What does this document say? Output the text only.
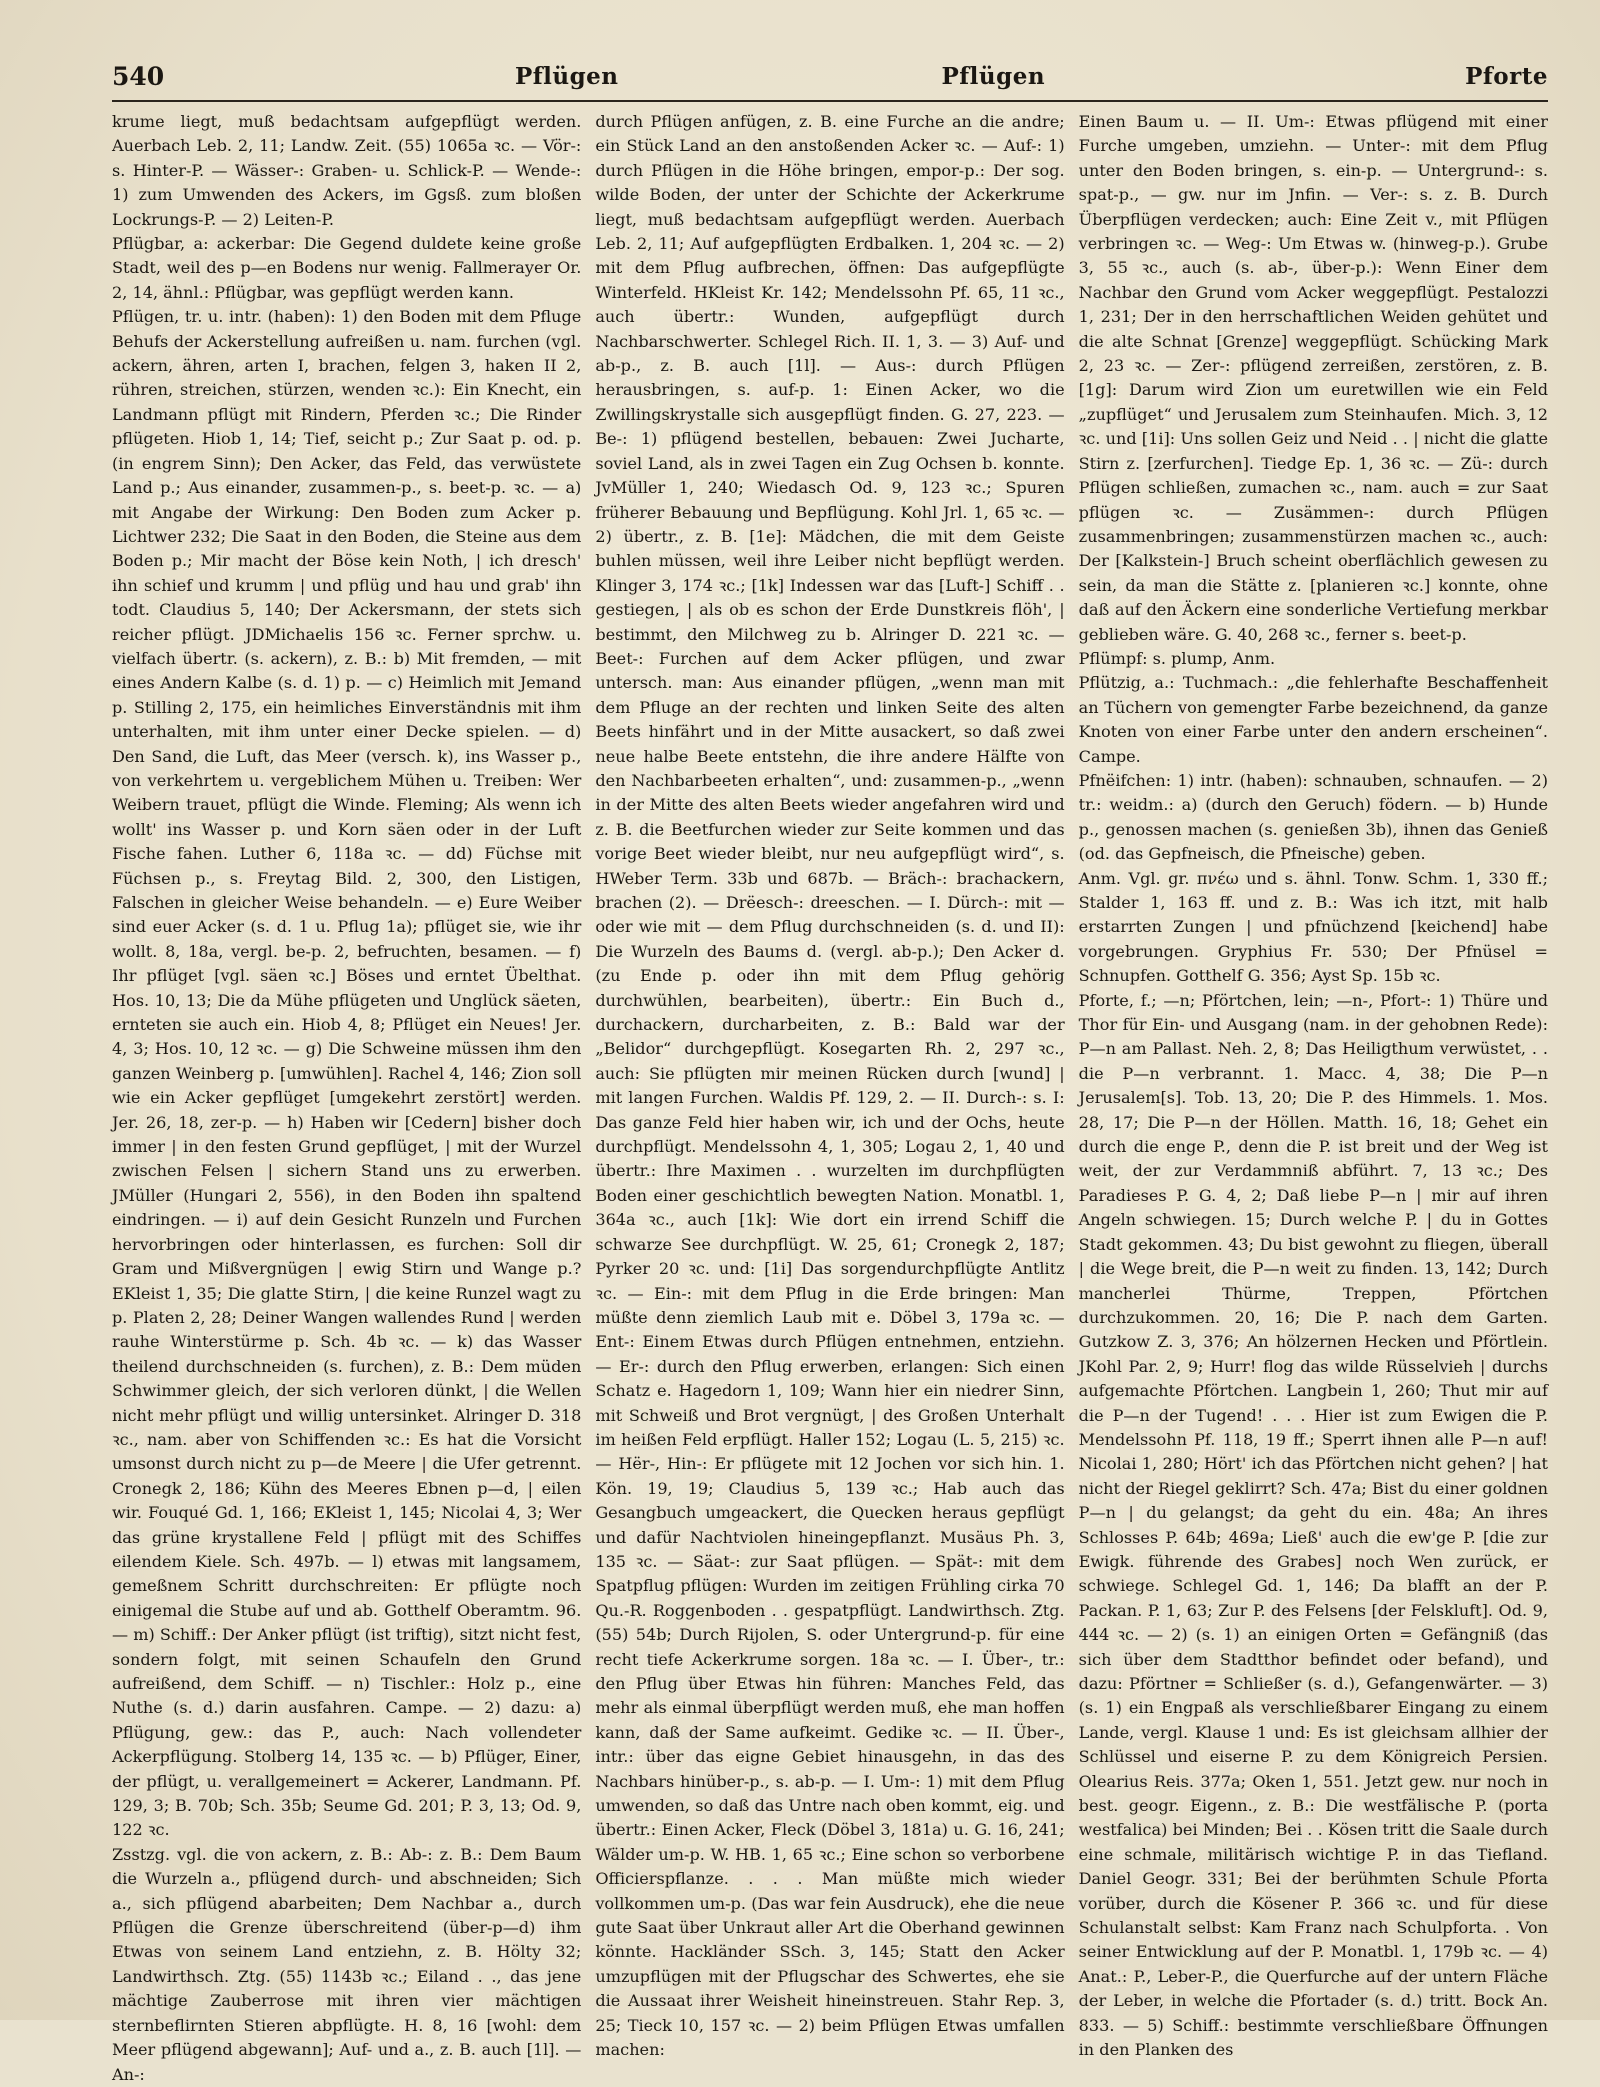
540	Pflügen	Pflügen	Pforte

krume liegt, muß bedachtsam aufgepflügt werden. Auerbach Leb. 2, 11; Landw. Zeit. (55) 1065a ꝛc. — Vör-: s. Hinter-P. — Wässer-: Graben- u. Schlick-P. — Wende-: 1) zum Umwenden des Ackers, im Ggsß. zum bloßen Lockrungs-P. — 2) Leiten-P.

Pflügbar, a: ackerbar: Die Gegend duldete keine große Stadt, weil des p—en Bodens nur wenig. Fallmerayer Or. 2, 14, ähnl.: Pflügbar, was gepflügt werden kann.

Pflügen, tr. u. intr. (haben): 1) den Boden mit dem Pfluge Behufs der Ackerstellung aufreißen u. nam. furchen (vgl. ackern, ähren, arten I, brachen, felgen 3, haken II 2, rühren, streichen, stürzen, wenden ꝛc.): Ein Knecht, ein Landmann pflügt mit Rindern, Pferden ꝛc.; Die Rinder pflügeten. Hiob 1, 14; Tief, seicht p.; Zur Saat p. od. p. (in engrem Sinn); Den Acker, das Feld, das verwüstete Land p.; Aus einander, zusammen-p., s. beet-p. ꝛc. — a) mit Angabe der Wirkung: Den Boden zum Acker p. Lichtwer 232; Die Saat in den Boden, die Steine aus dem Boden p.; Mir macht der Böse kein Noth, | ich dresch' ihn schief und krumm | und pflüg und hau und grab' ihn todt. Claudius 5, 140; Der Ackersmann, der stets sich reicher pflügt. JDMichaelis 156 ꝛc. Ferner sprchw. u. vielfach übertr. (s. ackern), z. B.: b) Mit fremden, — mit eines Andern Kalbe (s. d. 1) p. — c) Heimlich mit Jemand p. Stilling 2, 175, ein heimliches Einverständnis mit ihm unterhalten, mit ihm unter einer Decke spielen. — d) Den Sand, die Luft, das Meer (versch. k), ins Wasser p., von verkehrtem u. vergeblichem Mühen u. Treiben: Wer Weibern trauet, pflügt die Winde. Fleming; Als wenn ich wollt' ins Wasser p. und Korn säen oder in der Luft Fische fahen. Luther 6, 118a ꝛc. — dd) Füchse mit Füchsen p., s. Freytag Bild. 2, 300, den Listigen, Falschen in gleicher Weise behandeln. — e) Eure Weiber sind euer Acker (s. d. 1 u. Pflug 1a); pflüget sie, wie ihr wollt. 8, 18a, vergl. be-p. 2, befruchten, besamen. — f) Ihr pflüget [vgl. säen ꝛc.] Böses und erntet Übelthat. Hos. 10, 13; Die da Mühe pflügeten und Unglück säeten, ernteten sie auch ein. Hiob 4, 8; Pflüget ein Neues! Jer. 4, 3; Hos. 10, 12 ꝛc. — g) Die Schweine müssen ihm den ganzen Weinberg p. [umwühlen]. Rachel 4, 146; Zion soll wie ein Acker gepflüget [umgekehrt zerstört] werden. Jer. 26, 18, zer-p. — h) Haben wir [Cedern] bisher doch immer | in den festen Grund gepflüget, | mit der Wurzel zwischen Felsen | sichern Stand uns zu erwerben. JMüller (Hungari 2, 556), in den Boden ihn spaltend eindringen. — i) auf dein Gesicht Runzeln und Furchen hervorbringen oder hinterlassen, es furchen: Soll dir Gram und Mißvergnügen | ewig Stirn und Wange p.? EKleist 1, 35; Die glatte Stirn, | die keine Runzel wagt zu p. Platen 2, 28; Deiner Wangen wallendes Rund | werden rauhe Winterstürme p. Sch. 4b ꝛc. — k) das Wasser theilend durchschneiden (s. furchen), z. B.: Dem müden Schwimmer gleich, der sich verloren dünkt, | die Wellen nicht mehr pflügt und willig untersinket. Alringer D. 318 ꝛc., nam. aber von Schiffenden ꝛc.: Es hat die Vorsicht umsonst durch nicht zu p—de Meere | die Ufer getrennt. Cronegk 2, 186; Kühn des Meeres Ebnen p—d, | eilen wir. Fouqué Gd. 1, 166; EKleist 1, 145; Nicolai 4, 3; Wer das grüne krystallene Feld | pflügt mit des Schiffes eilendem Kiele. Sch. 497b. — l) etwas mit langsamem, gemeßnem Schritt durchschreiten: Er pflügte noch einigemal die Stube auf und ab. Gotthelf Oberamtm. 96. — m) Schiff.: Der Anker pflügt (ist triftig), sitzt nicht fest, sondern folgt, mit seinen Schaufeln den Grund aufreißend, dem Schiff. — n) Tischler.: Holz p., eine Nuthe (s. d.) darin ausfahren. Campe. — 2) dazu: a) Pflügung, gew.: das P., auch: Nach vollendeter Ackerpflügung. Stolberg 14, 135 ꝛc. — b) Pflüger, Einer, der pflügt, u. verallgemeinert = Ackerer, Landmann. Pf. 129, 3; B. 70b; Sch. 35b; Seume Gd. 201; P. 3, 13; Od. 9, 122 ꝛc.

Zsstzg. vgl. die von ackern, z. B.: Ab-: z. B.: Dem Baum die Wurzeln a., pflügend durch- und abschneiden; Sich a., sich pflügend abarbeiten; Dem Nachbar a., durch Pflügen die Grenze überschreitend (über-p—d) ihm Etwas von seinem Land entziehn, z. B. Hölty 32; Landwirthsch. Ztg. (55) 1143b ꝛc.; Eiland . ., das jene mächtige Zauberrose mit ihren vier mächtigen sternbeflirnten Stieren abpflügte. H. 8, 16 [wohl: dem Meer pflügend abgewann]; Auf- und a., z. B. auch [1l]. — An-:

durch Pflügen anfügen, z. B. eine Furche an die andre; ein Stück Land an den anstoßenden Acker ꝛc. — Auf-: 1) durch Pflügen in die Höhe bringen, empor-p.: Der sog. wilde Boden, der unter der Schichte der Ackerkrume liegt, muß bedachtsam aufgepflügt werden. Auerbach Leb. 2, 11; Auf aufgepflügten Erdbalken. 1, 204 ꝛc. — 2) mit dem Pflug aufbrechen, öffnen: Das aufgepflügte Winterfeld. HKleist Kr. 142; Mendelssohn Pf. 65, 11 ꝛc., auch übertr.: Wunden, aufgepflügt durch Nachbarschwerter. Schlegel Rich. II. 1, 3. — 3) Auf- und ab-p., z. B. auch [1l]. — Aus-: durch Pflügen herausbringen, s. auf-p. 1: Einen Acker, wo die Zwillingskrystalle sich ausgepflügt finden. G. 27, 223. — Be-: 1) pflügend bestellen, bebauen: Zwei Jucharte, soviel Land, als in zwei Tagen ein Zug Ochsen b. konnte. JvMüller 1, 240; Wiedasch Od. 9, 123 ꝛc.; Spuren früherer Bebauung und Bepflügung. Kohl Jrl. 1, 65 ꝛc. — 2) übertr., z. B. [1e]: Mädchen, die mit dem Geiste buhlen müssen, weil ihre Leiber nicht bepflügt werden. Klinger 3, 174 ꝛc.; [1k] Indessen war das [Luft-] Schiff . . gestiegen, | als ob es schon der Erde Dunstkreis flöh', | bestimmt, den Milchweg zu b. Alringer D. 221 ꝛc. — Beet-: Furchen auf dem Acker pflügen, und zwar untersch. man: Aus einander pflügen, „wenn man mit dem Pfluge an der rechten und linken Seite des alten Beets hinfährt und in der Mitte ausackert, so daß zwei neue halbe Beete entstehn, die ihre andere Hälfte von den Nachbarbeeten erhalten“, und: zusammen-p., „wenn in der Mitte des alten Beets wieder angefahren wird und z. B. die Beetfurchen wieder zur Seite kommen und das vorige Beet wieder bleibt, nur neu aufgepflügt wird“, s. HWeber Term. 33b und 687b. — Bräch-: brachackern, brachen (2). — Drëesch-: dreeschen. — I. Dürch-: mit — oder wie mit — dem Pflug durchschneiden (s. d. und II): Die Wurzeln des Baums d. (vergl. ab-p.); Den Acker d. (zu Ende p. oder ihn mit dem Pflug gehörig durchwühlen, bearbeiten), übertr.: Ein Buch d., durchackern, durcharbeiten, z. B.: Bald war der „Belidor“ durchgepflügt. Kosegarten Rh. 2, 297 ꝛc., auch: Sie pflügten mir meinen Rücken durch [wund] | mit langen Furchen. Waldis Pf. 129, 2. — II. Durch-: s. I: Das ganze Feld hier haben wir, ich und der Ochs, heute durchpflügt. Mendelssohn 4, 1, 305; Logau 2, 1, 40 und übertr.: Ihre Maximen . . wurzelten im durchpflügten Boden einer geschichtlich bewegten Nation. Monatbl. 1, 364a ꝛc., auch [1k]: Wie dort ein irrend Schiff die schwarze See durchpflügt. W. 25, 61; Cronegk 2, 187; Pyrker 20 ꝛc. und: [1i] Das sorgendurchpflügte Antlitz ꝛc. — Ein-: mit dem Pflug in die Erde bringen: Man müßte denn ziemlich Laub mit e. Döbel 3, 179a ꝛc. — Ent-: Einem Etwas durch Pflügen entnehmen, entziehn. — Er-: durch den Pflug erwerben, erlangen: Sich einen Schatz e. Hagedorn 1, 109; Wann hier ein niedrer Sinn, mit Schweiß und Brot vergnügt, | des Großen Unterhalt im heißen Feld erpflügt. Haller 152; Logau (L. 5, 215) ꝛc. — Hër-, Hin-: Er pflügete mit 12 Jochen vor sich hin. 1. Kön. 19, 19; Claudius 5, 139 ꝛc.; Hab auch das Gesangbuch umgeackert, die Quecken heraus gepflügt und dafür Nachtviolen hineingepflanzt. Musäus Ph. 3, 135 ꝛc. — Säat-: zur Saat pflügen. — Spät-: mit dem Spatpflug pflügen: Wurden im zeitigen Frühling cirka 70 Qu.-R. Roggenboden . . gespatpflügt. Landwirthsch. Ztg. (55) 54b; Durch Rijolen, S. oder Untergrund-p. für eine recht tiefe Ackerkrume sorgen. 18a ꝛc. — I. Über-, tr.: den Pflug über Etwas hin führen: Manches Feld, das mehr als einmal überpflügt werden muß, ehe man hoffen kann, daß der Same aufkeimt. Gedike ꝛc. — II. Über-, intr.: über das eigne Gebiet hinausgehn, in das des Nachbars hinüber-p., s. ab-p. — I. Um-: 1) mit dem Pflug umwenden, so daß das Untre nach oben kommt, eig. und übertr.: Einen Acker, Fleck (Döbel 3, 181a) u. G. 16, 241; Wälder um-p. W. HB. 1, 65 ꝛc.; Eine schon so verborbene Officierspflanze. . . . Man müßte mich wieder vollkommen um-p. (Das war fein Ausdruck), ehe die neue gute Saat über Unkraut aller Art die Oberhand gewinnen könnte. Hackländer SSch. 3, 145; Statt den Acker umzupflügen mit der Pflugschar des Schwertes, ehe sie die Aussaat ihrer Weisheit hineinstreuen. Stahr Rep. 3, 25; Tieck 10, 157 ꝛc. — 2) beim Pflügen Etwas umfallen machen:

Einen Baum u. — II. Um-: Etwas pflügend mit einer Furche umgeben, umziehn. — Unter-: mit dem Pflug unter den Boden bringen, s. ein-p. — Untergrund-: s. spat-p., — gw. nur im Jnfin. — Ver-: s. z. B. Durch Überpflügen verdecken; auch: Eine Zeit v., mit Pflügen verbringen ꝛc. — Weg-: Um Etwas w. (hinweg-p.). Grube 3, 55 ꝛc., auch (s. ab-, über-p.): Wenn Einer dem Nachbar den Grund vom Acker weggepflügt. Pestalozzi 1, 231; Der in den herrschaftlichen Weiden gehütet und die alte Schnat [Grenze] weggepflügt. Schücking Mark 2, 23 ꝛc. — Zer-: pflügend zerreißen, zerstören, z. B. [1g]: Darum wird Zion um euretwillen wie ein Feld „zupflüget“ und Jerusalem zum Steinhaufen. Mich. 3, 12 ꝛc. und [1i]: Uns sollen Geiz und Neid . . | nicht die glatte Stirn z. [zerfurchen]. Tiedge Ep. 1, 36 ꝛc. — Zü-: durch Pflügen schließen, zumachen ꝛc., nam. auch = zur Saat pflügen ꝛc. — Zusämmen-: durch Pflügen zusammenbringen; zusammenstürzen machen ꝛc., auch: Der [Kalkstein-] Bruch scheint oberflächlich gewesen zu sein, da man die Stätte z. [planieren ꝛc.] konnte, ohne daß auf den Äckern eine sonderliche Vertiefung merkbar geblieben wäre. G. 40, 268 ꝛc., ferner s. beet-p.

Pflümpf: s. plump, Anm.

Pflützig, a.: Tuchmach.: „die fehlerhafte Beschaffenheit an Tüchern von gemengter Farbe bezeichnend, da ganze Knoten von einer Farbe unter den andern erscheinen“. Campe.

Pfnëifchen: 1) intr. (haben): schnauben, schnaufen. — 2) tr.: weidm.: a) (durch den Geruch) födern. — b) Hunde p., genossen machen (s. genießen 3b), ihnen das Genieß (od. das Gepfneisch, die Pfneische) geben.

Anm. Vgl. gr. πνέω und s. ähnl. Tonw. Schm. 1, 330 ff.; Stalder 1, 163 ff. und z. B.: Was ich itzt, mit halb erstarrten Zungen | und pfnüchzend [keichend] habe vorgebrungen. Gryphius Fr. 530; Der Pfnüsel = Schnupfen. Gotthelf G. 356; Ayst Sp. 15b ꝛc.

Pforte, f.; —n; Pförtchen, lein; —n-, Pfort-: 1) Thüre und Thor für Ein- und Ausgang (nam. in der gehobnen Rede): P—n am Pallast. Neh. 2, 8; Das Heiligthum verwüstet, . . die P—n verbrannt. 1. Macc. 4, 38; Die P—n Jerusalem[s]. Tob. 13, 20; Die P. des Himmels. 1. Mos. 28, 17; Die P—n der Höllen. Matth. 16, 18; Gehet ein durch die enge P., denn die P. ist breit und der Weg ist weit, der zur Verdammniß abführt. 7, 13 ꝛc.; Des Paradieses P. G. 4, 2; Daß liebe P—n | mir auf ihren Angeln schwiegen. 15; Durch welche P. | du in Gottes Stadt gekommen. 43; Du bist gewohnt zu fliegen, überall | die Wege breit, die P—n weit zu finden. 13, 142; Durch mancherlei Thürme, Treppen, Pförtchen durchzukommen. 20, 16; Die P. nach dem Garten. Gutzkow Z. 3, 376; An hölzernen Hecken und Pförtlein. JKohl Par. 2, 9; Hurr! flog das wilde Rüsselvieh | durchs aufgemachte Pförtchen. Langbein 1, 260; Thut mir auf die P—n der Tugend! . . . Hier ist zum Ewigen die P. Mendelssohn Pf. 118, 19 ff.; Sperrt ihnen alle P—n auf! Nicolai 1, 280; Hört' ich das Pförtchen nicht gehen? | hat nicht der Riegel geklirrt? Sch. 47a; Bist du einer goldnen P—n | du gelangst; da geht du ein. 48a; An ihres Schlosses P. 64b; 469a; Ließ' auch die ew'ge P. [die zur Ewigk. führende des Grabes] noch Wen zurück, er schwiege. Schlegel Gd. 1, 146; Da blafft an der P. Packan. P. 1, 63; Zur P. des Felsens [der Felskluft]. Od. 9, 444 ꝛc. — 2) (s. 1) an einigen Orten = Gefängniß (das sich über dem Stadtthor befindet oder befand), und dazu: Pförtner = Schließer (s. d.), Gefangenwärter. — 3) (s. 1) ein Engpaß als verschließbarer Eingang zu einem Lande, vergl. Klause 1 und: Es ist gleichsam allhier der Schlüssel und eiserne P. zu dem Königreich Persien. Olearius Reis. 377a; Oken 1, 551. Jetzt gew. nur noch in best. geogr. Eigenn., z. B.: Die westfälische P. (porta westfalica) bei Minden; Bei . . Kösen tritt die Saale durch eine schmale, militärisch wichtige P. in das Tiefland. Daniel Geogr. 331; Bei der berühmten Schule Pforta vorüber, durch die Kösener P. 366 ꝛc. und für diese Schulanstalt selbst: Kam Franz nach Schulpforta. . Von seiner Entwicklung auf der P. Monatbl. 1, 179b ꝛc. — 4) Anat.: P., Leber-P., die Querfurche auf der untern Fläche der Leber, in welche die Pfortader (s. d.) tritt. Bock An. 833. — 5) Schiff.: bestimmte verschließbare Öffnungen in den Planken des
